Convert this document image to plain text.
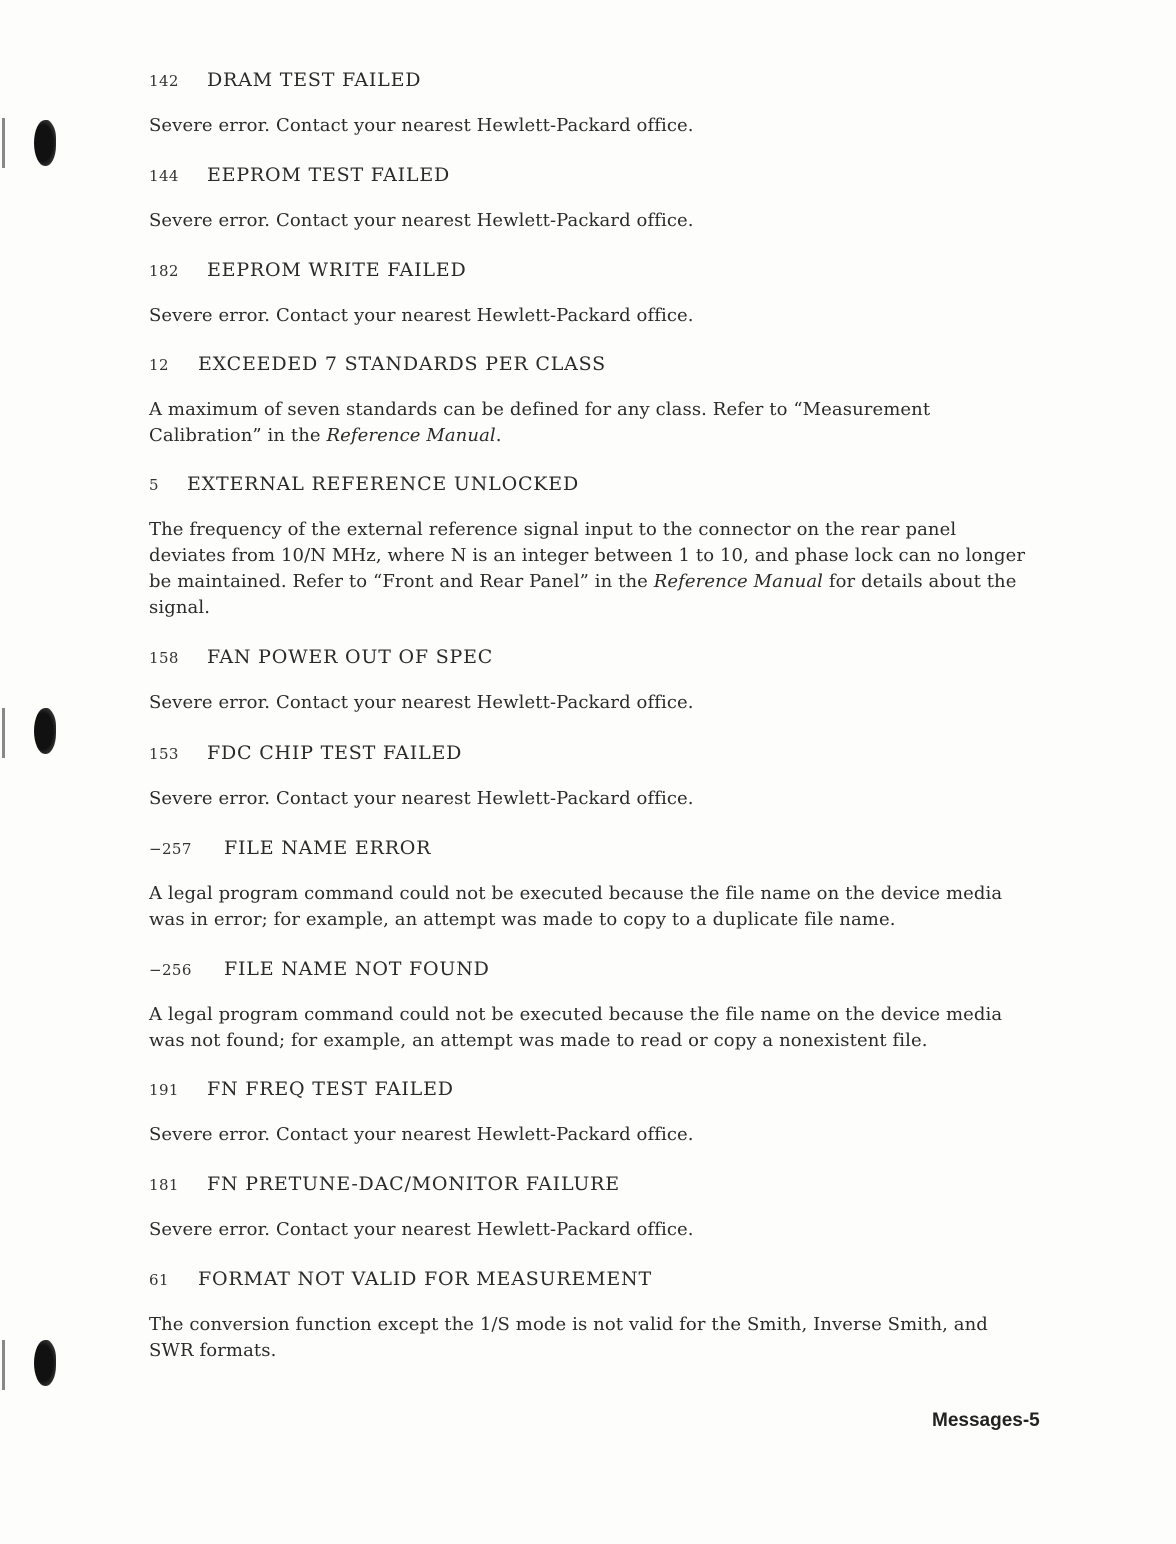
142 DRAM TEST FAILED
Severe error. Contact your nearest Hewlett-Packard office.
144 EEPROM TEST FAILED
Severe error. Contact your nearest Hewlett-Packard office.
182 EEPROM WRITE FAILED
Severe error. Contact your nearest Hewlett-Packard office.
12 EXCEEDED 7 STANDARDS PER CLASS
A maximum of seven standards can be defined for any class. Refer to “Measurement Calibration” in the Reference Manual.
5 EXTERNAL REFERENCE UNLOCKED
The frequency of the external reference signal input to the connector on the rear panel deviates from 10/N MHz, where N is an integer between 1 to 10, and phase lock can no longer be maintained. Refer to “Front and Rear Panel” in the Reference Manual for details about the signal.
158 FAN POWER OUT OF SPEC
Severe error. Contact your nearest Hewlett-Packard office.
153 FDC CHIP TEST FAILED
Severe error. Contact your nearest Hewlett-Packard office.
−257 FILE NAME ERROR
A legal program command could not be executed because the file name on the device media was in error; for example, an attempt was made to copy to a duplicate file name.
−256 FILE NAME NOT FOUND
A legal program command could not be executed because the file name on the device media was not found; for example, an attempt was made to read or copy a nonexistent file.
191 FN FREQ TEST FAILED
Severe error. Contact your nearest Hewlett-Packard office.
181 FN PRETUNE-DAC/MONITOR FAILURE
Severe error. Contact your nearest Hewlett-Packard office.
61 FORMAT NOT VALID FOR MEASUREMENT
The conversion function except the 1/S mode is not valid for the Smith, Inverse Smith, and SWR formats.
Messages-5
